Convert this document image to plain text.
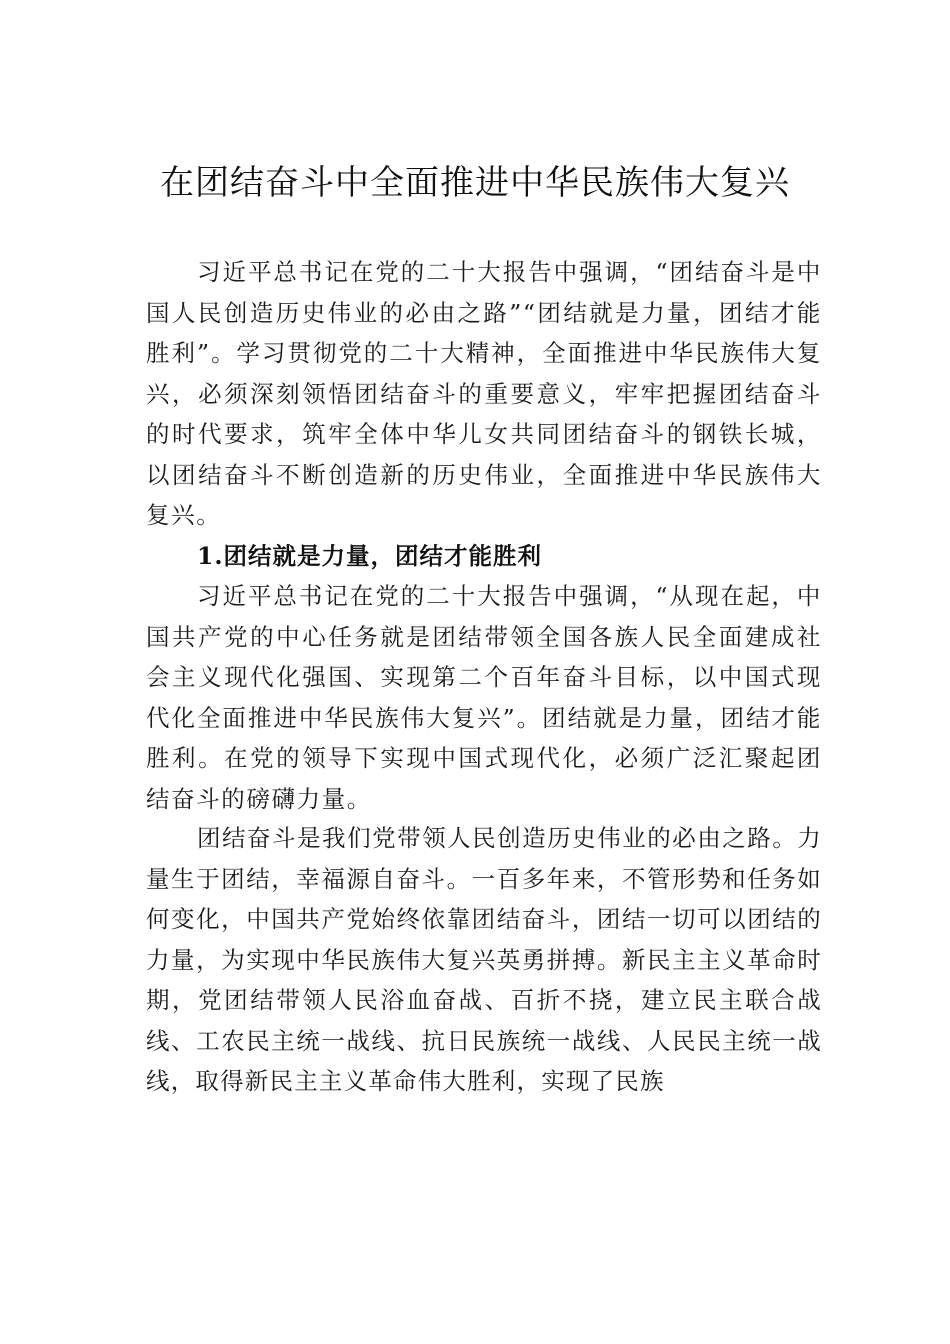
在团结奋斗中全面推进中华民族伟大复兴

习近平总书记在党的二十大报告中强调，“团结奋斗是中国人民创造历史伟业的必由之路”“团结就是力量，团结才能胜利”。学习贯彻党的二十大精神，全面推进中华民族伟大复兴，必须深刻领悟团结奋斗的重要意义，牢牢把握团结奋斗的时代要求，筑牢全体中华儿女共同团结奋斗的钢铁长城， 以团结奋斗不断创造新的历史伟业，全面推进中华民族伟大复兴。

1.团结就是力量，团结才能胜利

习近平总书记在党的二十大报告中强调，“从现在起，中国共产党的中心任务就是团结带领全国各族人民全面建成社会主义现代化强国、实现第二个百年奋斗目标，以中国式现代化全面推进中华民族伟大复兴”。团结就是力量，团结才能胜利。在党的领导下实现中国式现代化，必须广泛汇聚起团结奋斗的磅礴力量。

团结奋斗是我们党带领人民创造历史伟业的必由之路。力量生于团结，幸福源自奋斗。一百多年来，不管形势和任务如何变化，中国共产党始终依靠团结奋斗，团结一切可以团结的力量，为实现中华民族伟大复兴英勇拼搏。新民主主义革命时期，党团结带领人民浴血奋战、百折不挠，建立民主联合战线、工农民主统一战线、抗日民族统一战线、人民民主统一战线，取得新民主主义革命伟大胜利，实现了民族
